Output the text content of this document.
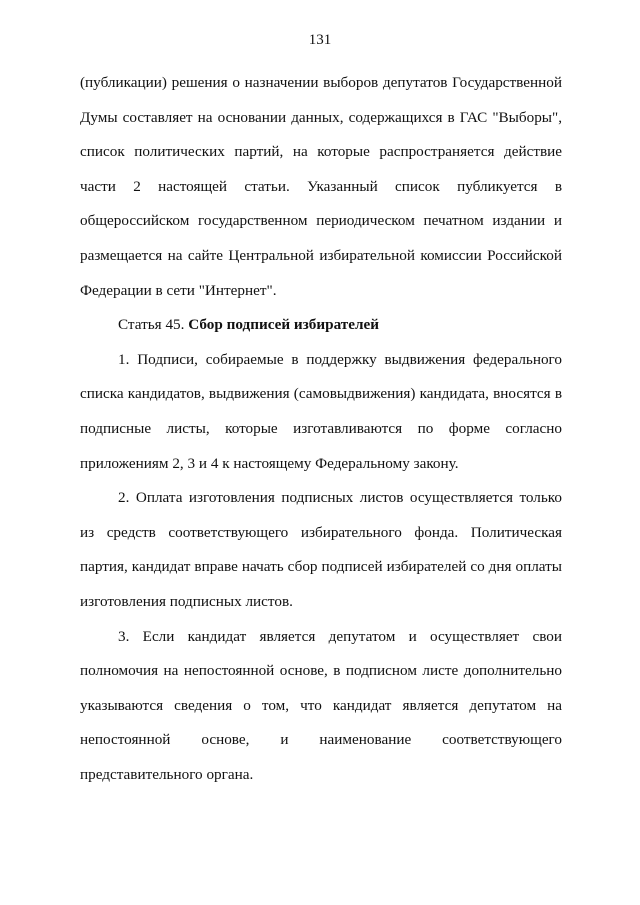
131

(публикации) решения о назначении выборов депутатов Государственной Думы составляет на основании данных, содержащихся в ГАС "Выборы", список политических партий, на которые распространяется действие части 2 настоящей статьи. Указанный список публикуется в общероссийском государственном периодическом печатном издании и размещается на сайте Центральной избирательной комиссии Российской Федерации в сети "Интернет".

Статья 45. Сбор подписей избирателей

1. Подписи, собираемые в поддержку выдвижения федерального списка кандидатов, выдвижения (самовыдвижения) кандидата, вносятся в подписные листы, которые изготавливаются по форме согласно приложениям 2, 3 и 4 к настоящему Федеральному закону.

2. Оплата изготовления подписных листов осуществляется только из средств соответствующего избирательного фонда. Политическая партия, кандидат вправе начать сбор подписей избирателей со дня оплаты изготовления подписных листов.

3. Если кандидат является депутатом и осуществляет свои полномочия на непостоянной основе, в подписном листе дополнительно указываются сведения о том, что кандидат является депутатом на непостоянной основе, и наименование соответствующего представительного органа.
